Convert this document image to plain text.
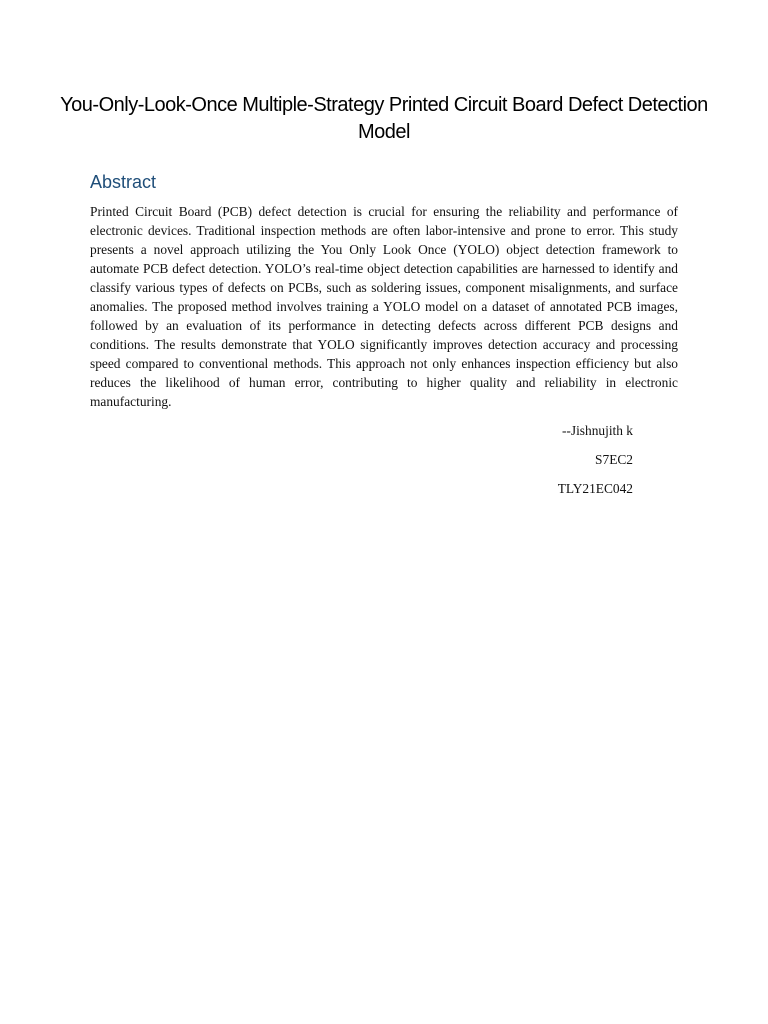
You-Only-Look-Once Multiple-Strategy Printed Circuit Board Defect Detection Model
Abstract

Printed Circuit Board (PCB) defect detection is crucial for ensuring the reliability and performance of electronic devices. Traditional inspection methods are often labor-intensive and prone to error. This study presents a novel approach utilizing the You Only Look Once (YOLO) object detection framework to automate PCB defect detection. YOLO’s real-time object detection capabilities are harnessed to identify and classify various types of defects on PCBs, such as soldering issues, component misalignments, and surface anomalies. The proposed method involves training a YOLO model on a dataset of annotated PCB images, followed by an evaluation of its performance in detecting defects across different PCB designs and conditions. The results demonstrate that YOLO significantly improves detection accuracy and processing speed compared to conventional methods. This approach not only enhances inspection efficiency but also reduces the likelihood of human error, contributing to higher quality and reliability in electronic manufacturing.

--Jishnujith k

S7EC2

TLY21EC042
